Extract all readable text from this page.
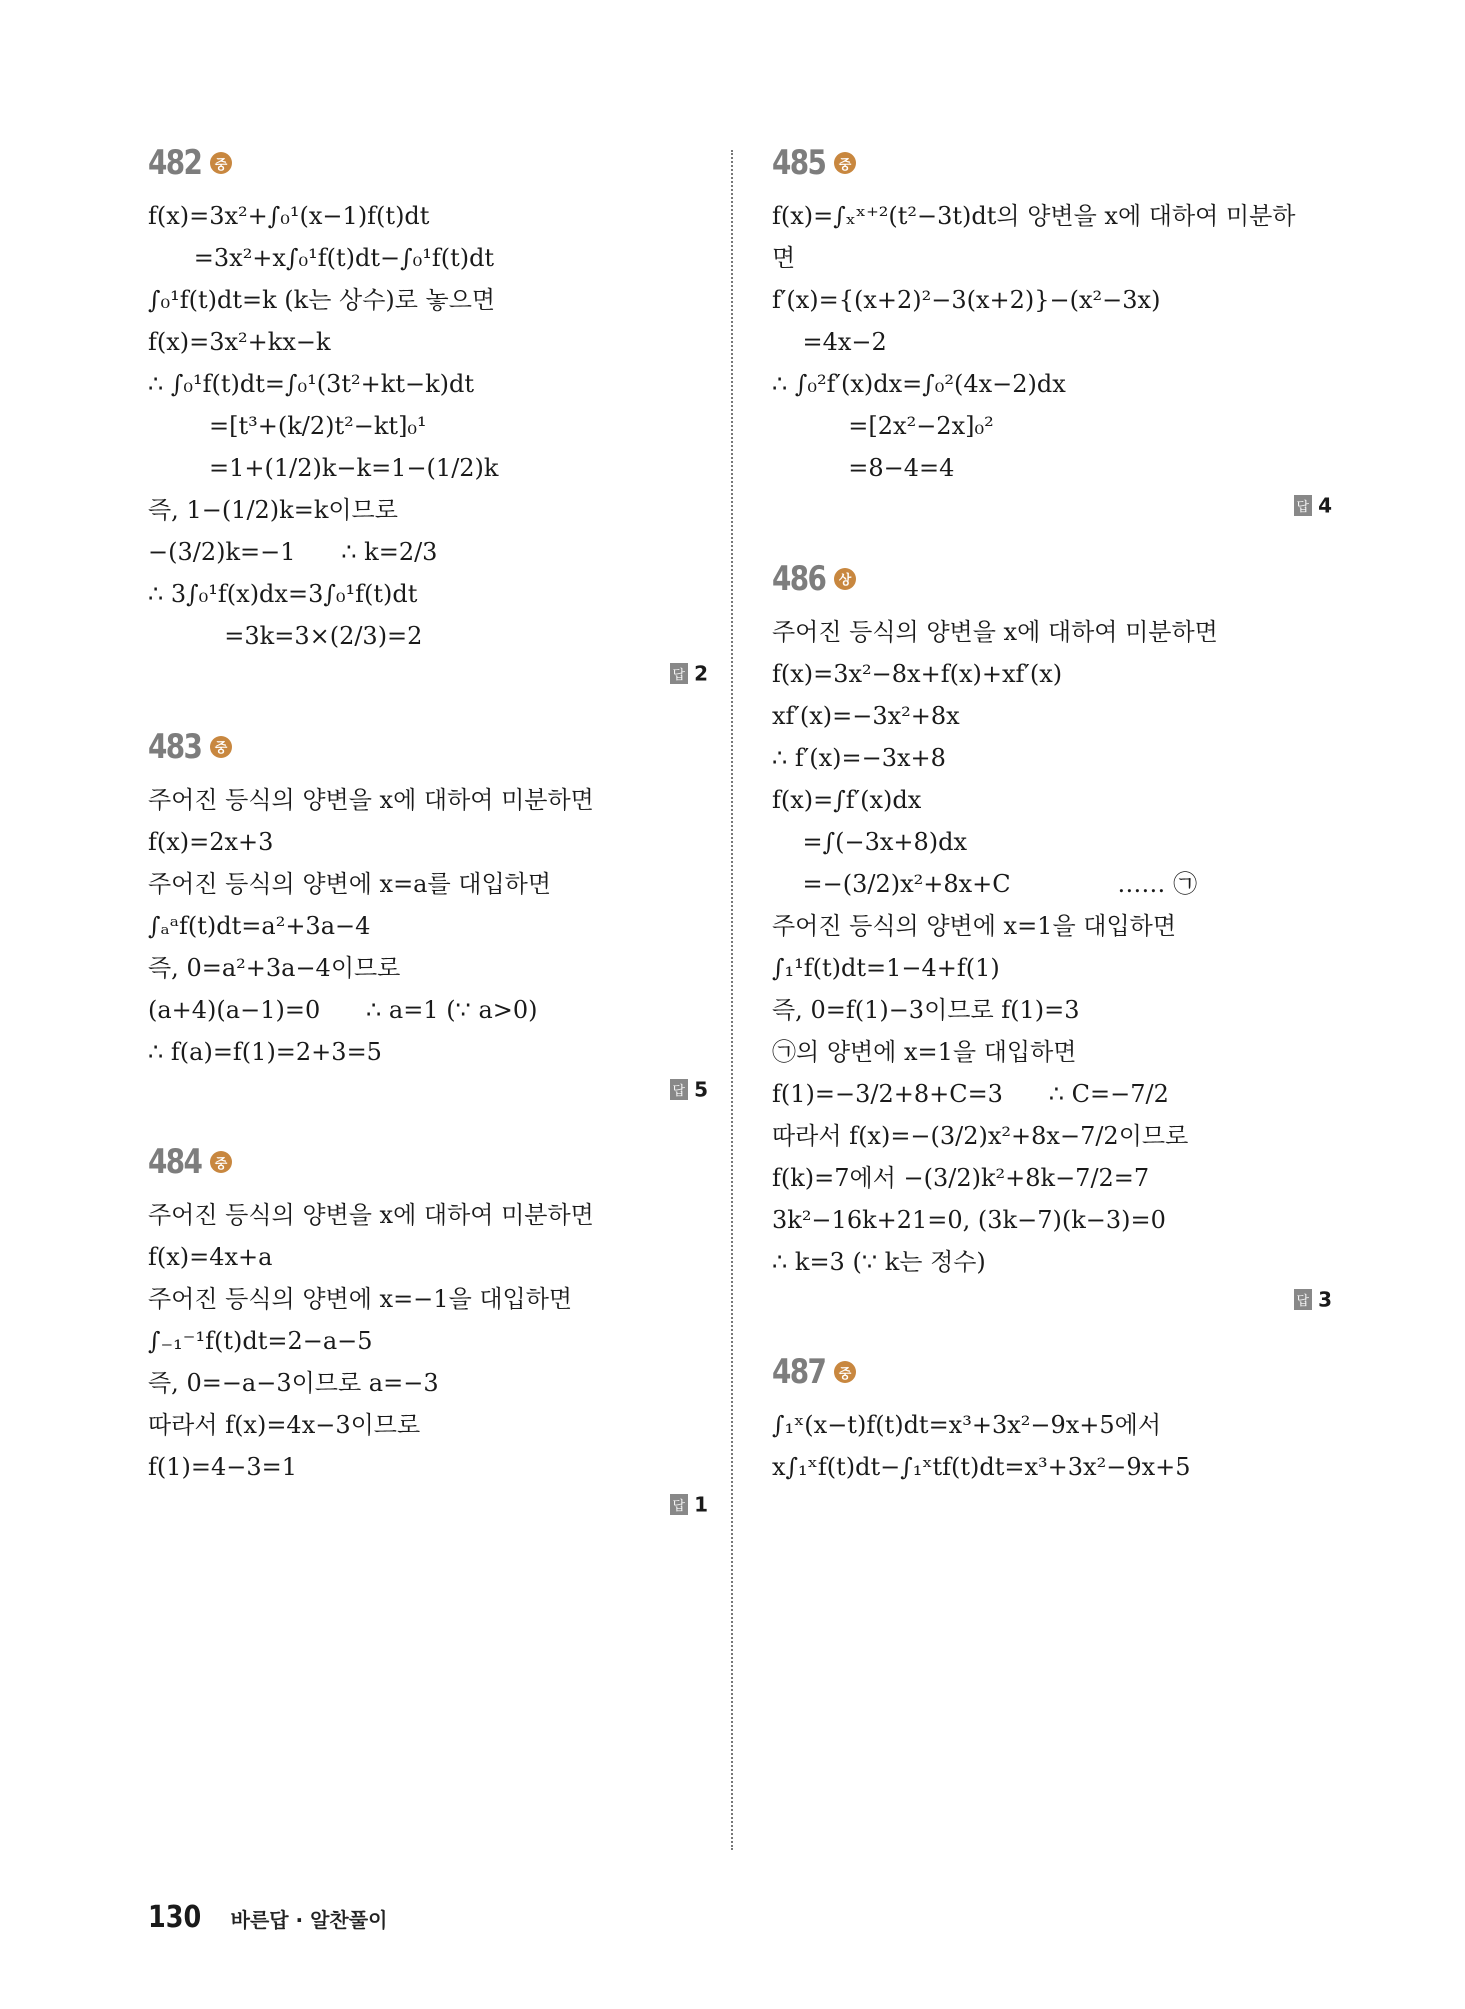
482	중
f(x)=3x²+∫₀¹(x−1)f(t)dt
=3x²+x∫₀¹f(t)dt−∫₀¹f(t)dt
∫₀¹f(t)dt=k (k는 상수)로 놓으면
f(x)=3x²+kx−k
∴ ∫₀¹f(t)dt=∫₀¹(3t²+kt−k)dt
=[t³+(k/2)t²−kt]₀¹
=1+(1/2)k−k=1−(1/2)k
즉, 1−(1/2)k=k이므로
−(3/2)k=−1      ∴ k=2/3
∴ 3∫₀¹f(x)dx=3∫₀¹f(t)dt
=3k=3×(2/3)=2
답 2
483	중
주어진 등식의 양변을 x에 대하여 미분하면
f(x)=2x+3
주어진 등식의 양변에 x=a를 대입하면
∫ₐᵃf(t)dt=a²+3a−4
즉, 0=a²+3a−4이므로
(a+4)(a−1)=0      ∴ a=1 (∵ a>0)
∴ f(a)=f(1)=2+3=5
답 5
484	중
주어진 등식의 양변을 x에 대하여 미분하면
f(x)=4x+a
주어진 등식의 양변에 x=−1을 대입하면
∫₋₁⁻¹f(t)dt=2−a−5
즉, 0=−a−3이므로 a=−3
따라서 f(x)=4x−3이므로
f(1)=4−3=1
답 1
485	중
f(x)=∫ₓˣ⁺²(t²−3t)dt의 양변을 x에 대하여 미분하
면
f′(x)={(x+2)²−3(x+2)}−(x²−3x)
=4x−2
∴ ∫₀²f′(x)dx=∫₀²(4x−2)dx
=[2x²−2x]₀²
=8−4=4
답 4
486	상
주어진 등식의 양변을 x에 대하여 미분하면
f(x)=3x²−8x+f(x)+xf′(x)
xf′(x)=−3x²+8x
∴ f′(x)=−3x+8
f(x)=∫f′(x)dx
=∫(−3x+8)dx
=−(3/2)x²+8x+C              …… ㉠
주어진 등식의 양변에 x=1을 대입하면
∫₁¹f(t)dt=1−4+f(1)
즉, 0=f(1)−3이므로 f(1)=3
㉠의 양변에 x=1을 대입하면
f(1)=−3/2+8+C=3      ∴ C=−7/2
따라서 f(x)=−(3/2)x²+8x−7/2이므로
f(k)=7에서 −(3/2)k²+8k−7/2=7
3k²−16k+21=0, (3k−7)(k−3)=0
∴ k=3 (∵ k는 정수)
답 3
487	중
∫₁ˣ(x−t)f(t)dt=x³+3x²−9x+5에서
x∫₁ˣf(t)dt−∫₁ˣtf(t)dt=x³+3x²−9x+5
130 바른답 · 알찬풀이
